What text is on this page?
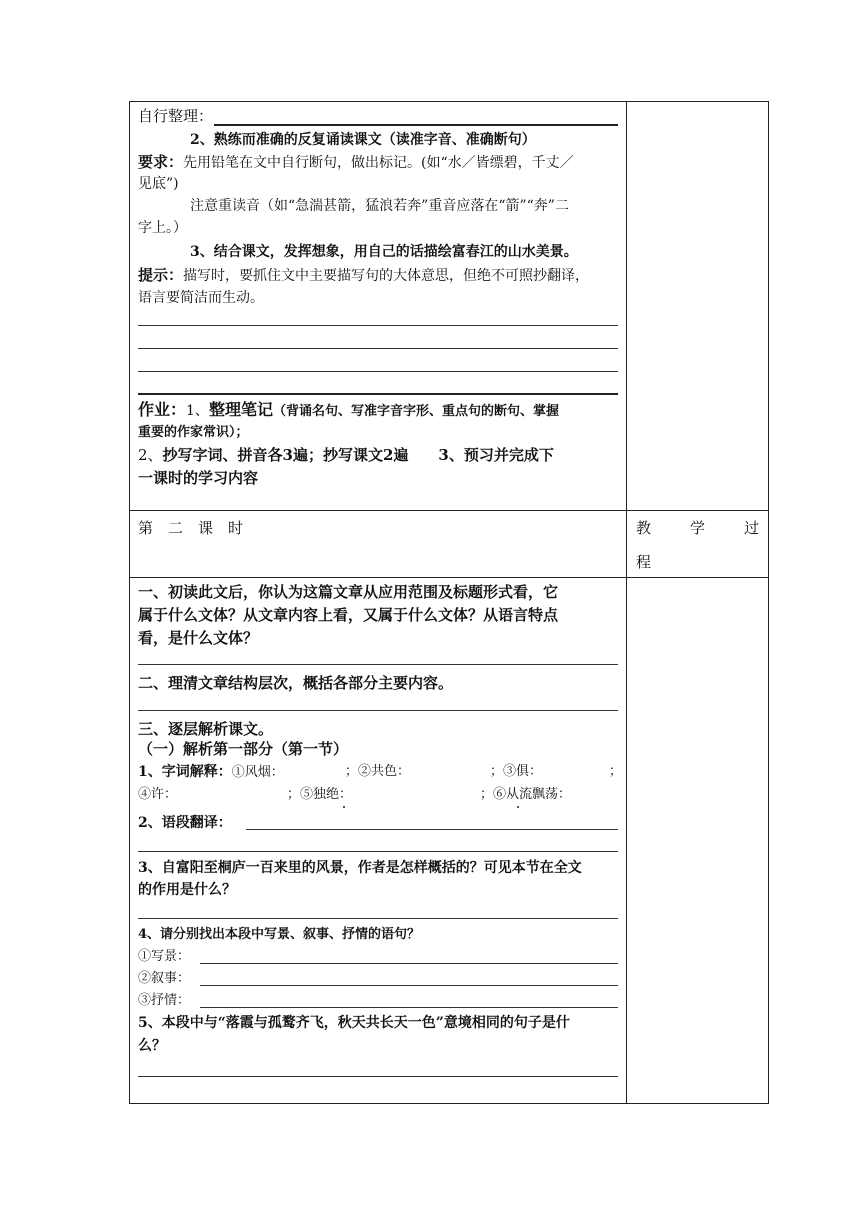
自行整理：
2、熟练而准确的反复诵读课文（读准字音、准确断句）
要求：先用铅笔在文中自行断句，做出标记。(如“水／皆缥碧，千丈／
见底”)
注意重读音（如“急湍甚箭，猛浪若奔”重音应落在“箭”“奔”二
字上。）
3、结合课文，发挥想象，用自己的话描绘富春江的山水美景。
提示：描写时，要抓住文中主要描写句的大体意思，但绝不可照抄翻译，
语言要简洁而生动。
作业：1、整理笔记（背诵名句、写准字音字形、重点句的断句、掌握
重要的作家常识）；
2、抄写字词、拼音各3遍；抄写课文2遍　　3、预习并完成下
一课时的学习内容
第　二　课　时	教	学	过
程
一、初读此文后，你认为这篇文章从应用范围及标题形式看，它
属于什么文体？从文章内容上看，又属于什么文体？从语言特点
看，是什么文体？
二、理清文章结构层次，概括各部分主要内容。
三、逐层解析课文。
（一）解析第一部分（第一节）
1、字词解释：①风烟：	；②共色：	；③俱：	；
④许：	；⑤独绝：	；⑥从流飘荡：
2、语段翻译：
3、自富阳至桐庐一百来里的风景，作者是怎样概括的？可见本节在全文
的作用是什么？
4、请分别找出本段中写景、叙事、抒情的语句？
①写景：
②叙事：
③抒情：
5、本段中与“落霞与孤鹜齐飞，秋天共长天一色”意境相同的句子是什
么？
